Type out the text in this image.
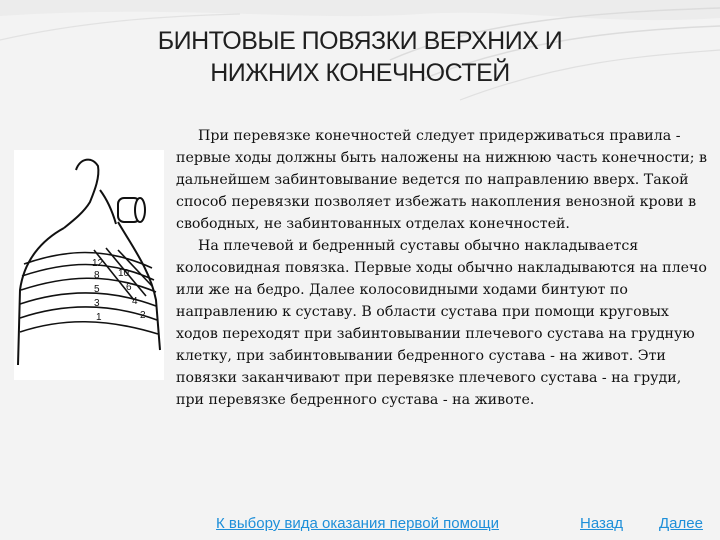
БИНТОВЫЕ ПОВЯЗКИ ВЕРХНИХ И
НИЖНИХ КОНЕЧНОСТЕЙ
12
8
5
3
1
10
6
4
2

При перевязке конечностей следует придерживаться правила - первые ходы должны быть наложены на нижнюю часть конечности; в дальнейшем забинтовывание ведется по направлению вверх. Такой способ перевязки позволяет избежать накопления венозной крови в свободных, не забинтованных отделах конечностей.

На плечевой и бедренный суставы обычно накладывается колосовидная повязка. Первые ходы обычно накладываются на плечо или же на бедро. Далее колосовидными ходами бинтуют по направлению к суставу. В области сустава при помощи круговых ходов переходят при забинтовывании плечевого сустава на грудную клетку, при забинтовывании бедренного сустава - на живот. Эти повязки заканчивают при перевязке плечевого сустава - на груди, при перевязке бедренного сустава - на животе.

К выбору вида оказания первой помощи	Назад Далее
